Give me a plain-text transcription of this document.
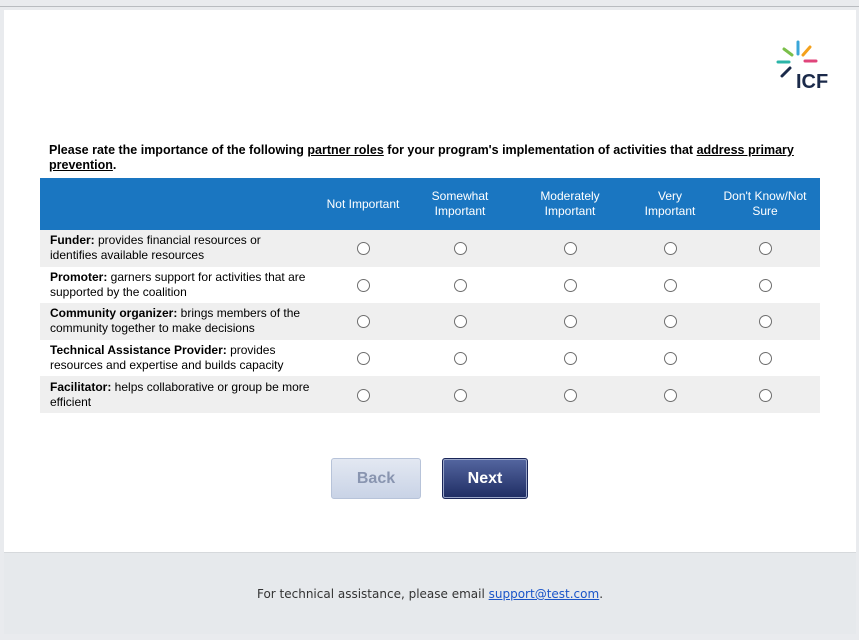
ICF
Please rate the importance of the following partner roles for your program's implementation of activities that address primary prevention.
	Not Important	Somewhat Important	Moderately Important	Very Important	Don't Know/Not Sure
Funder: provides financial resources or identifies available resources					
Promoter: garners support for activities that are supported by the coalition					
Community organizer: brings members of the community together to make decisions					
Technical Assistance Provider: provides resources and expertise and builds capacity					
Facilitator: helps collaborative or group be more efficient					
Back	Next
For technical assistance, please email support@test.com.
